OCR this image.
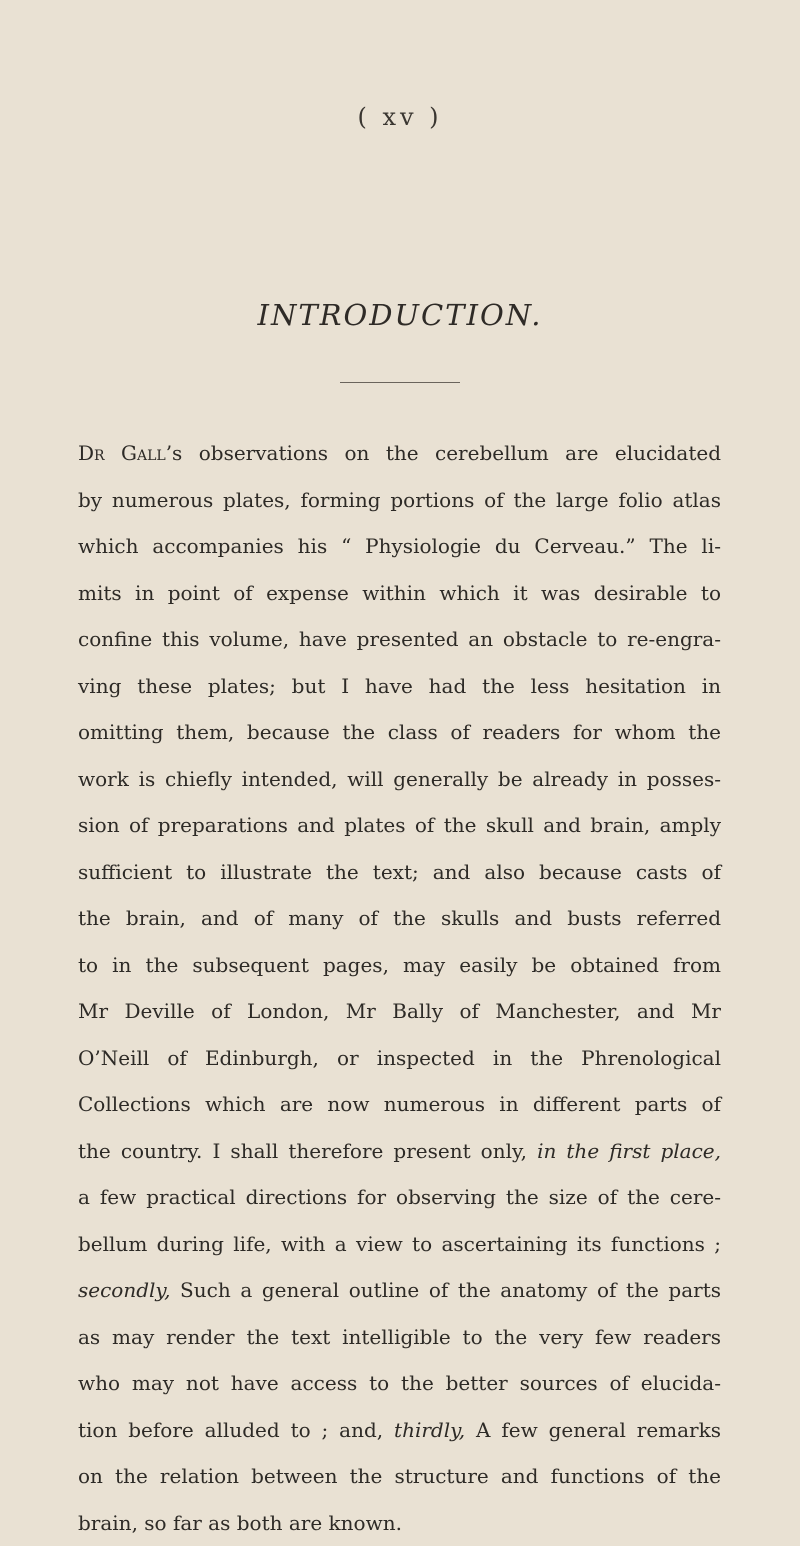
( xv )
INTRODUCTION.
Dr Gall’s observations on the cerebellum are elucidated
by numerous plates, forming portions of the large folio atlas
which accompanies his “ Physiologie du Cerveau.” The li-
mits in point of expense within which it was desirable to
confine this volume, have presented an obstacle to re-engra-
ving these plates; but I have had the less hesitation in
omitting them, because the class of readers for whom the
work is chiefly intended, will generally be already in posses-
sion of preparations and plates of the skull and brain, amply
sufficient to illustrate the text; and also because casts of
the brain, and of many of the skulls and busts referred
to in the subsequent pages, may easily be obtained from
Mr Deville of London, Mr Bally of Manchester, and Mr
O’Neill of Edinburgh, or inspected in the Phrenological
Collections which are now numerous in different parts of
the country. I shall therefore present only, in the first place,
a few practical directions for observing the size of the cere-
bellum during life, with a view to ascertaining its functions ;
secondly, Such a general outline of the anatomy of the parts
as may render the text intelligible to the very few readers
who may not have access to the better sources of elucida-
tion before alluded to ; and, thirdly, A few general remarks
on the relation between the structure and functions of the
brain, so far as both are known.
